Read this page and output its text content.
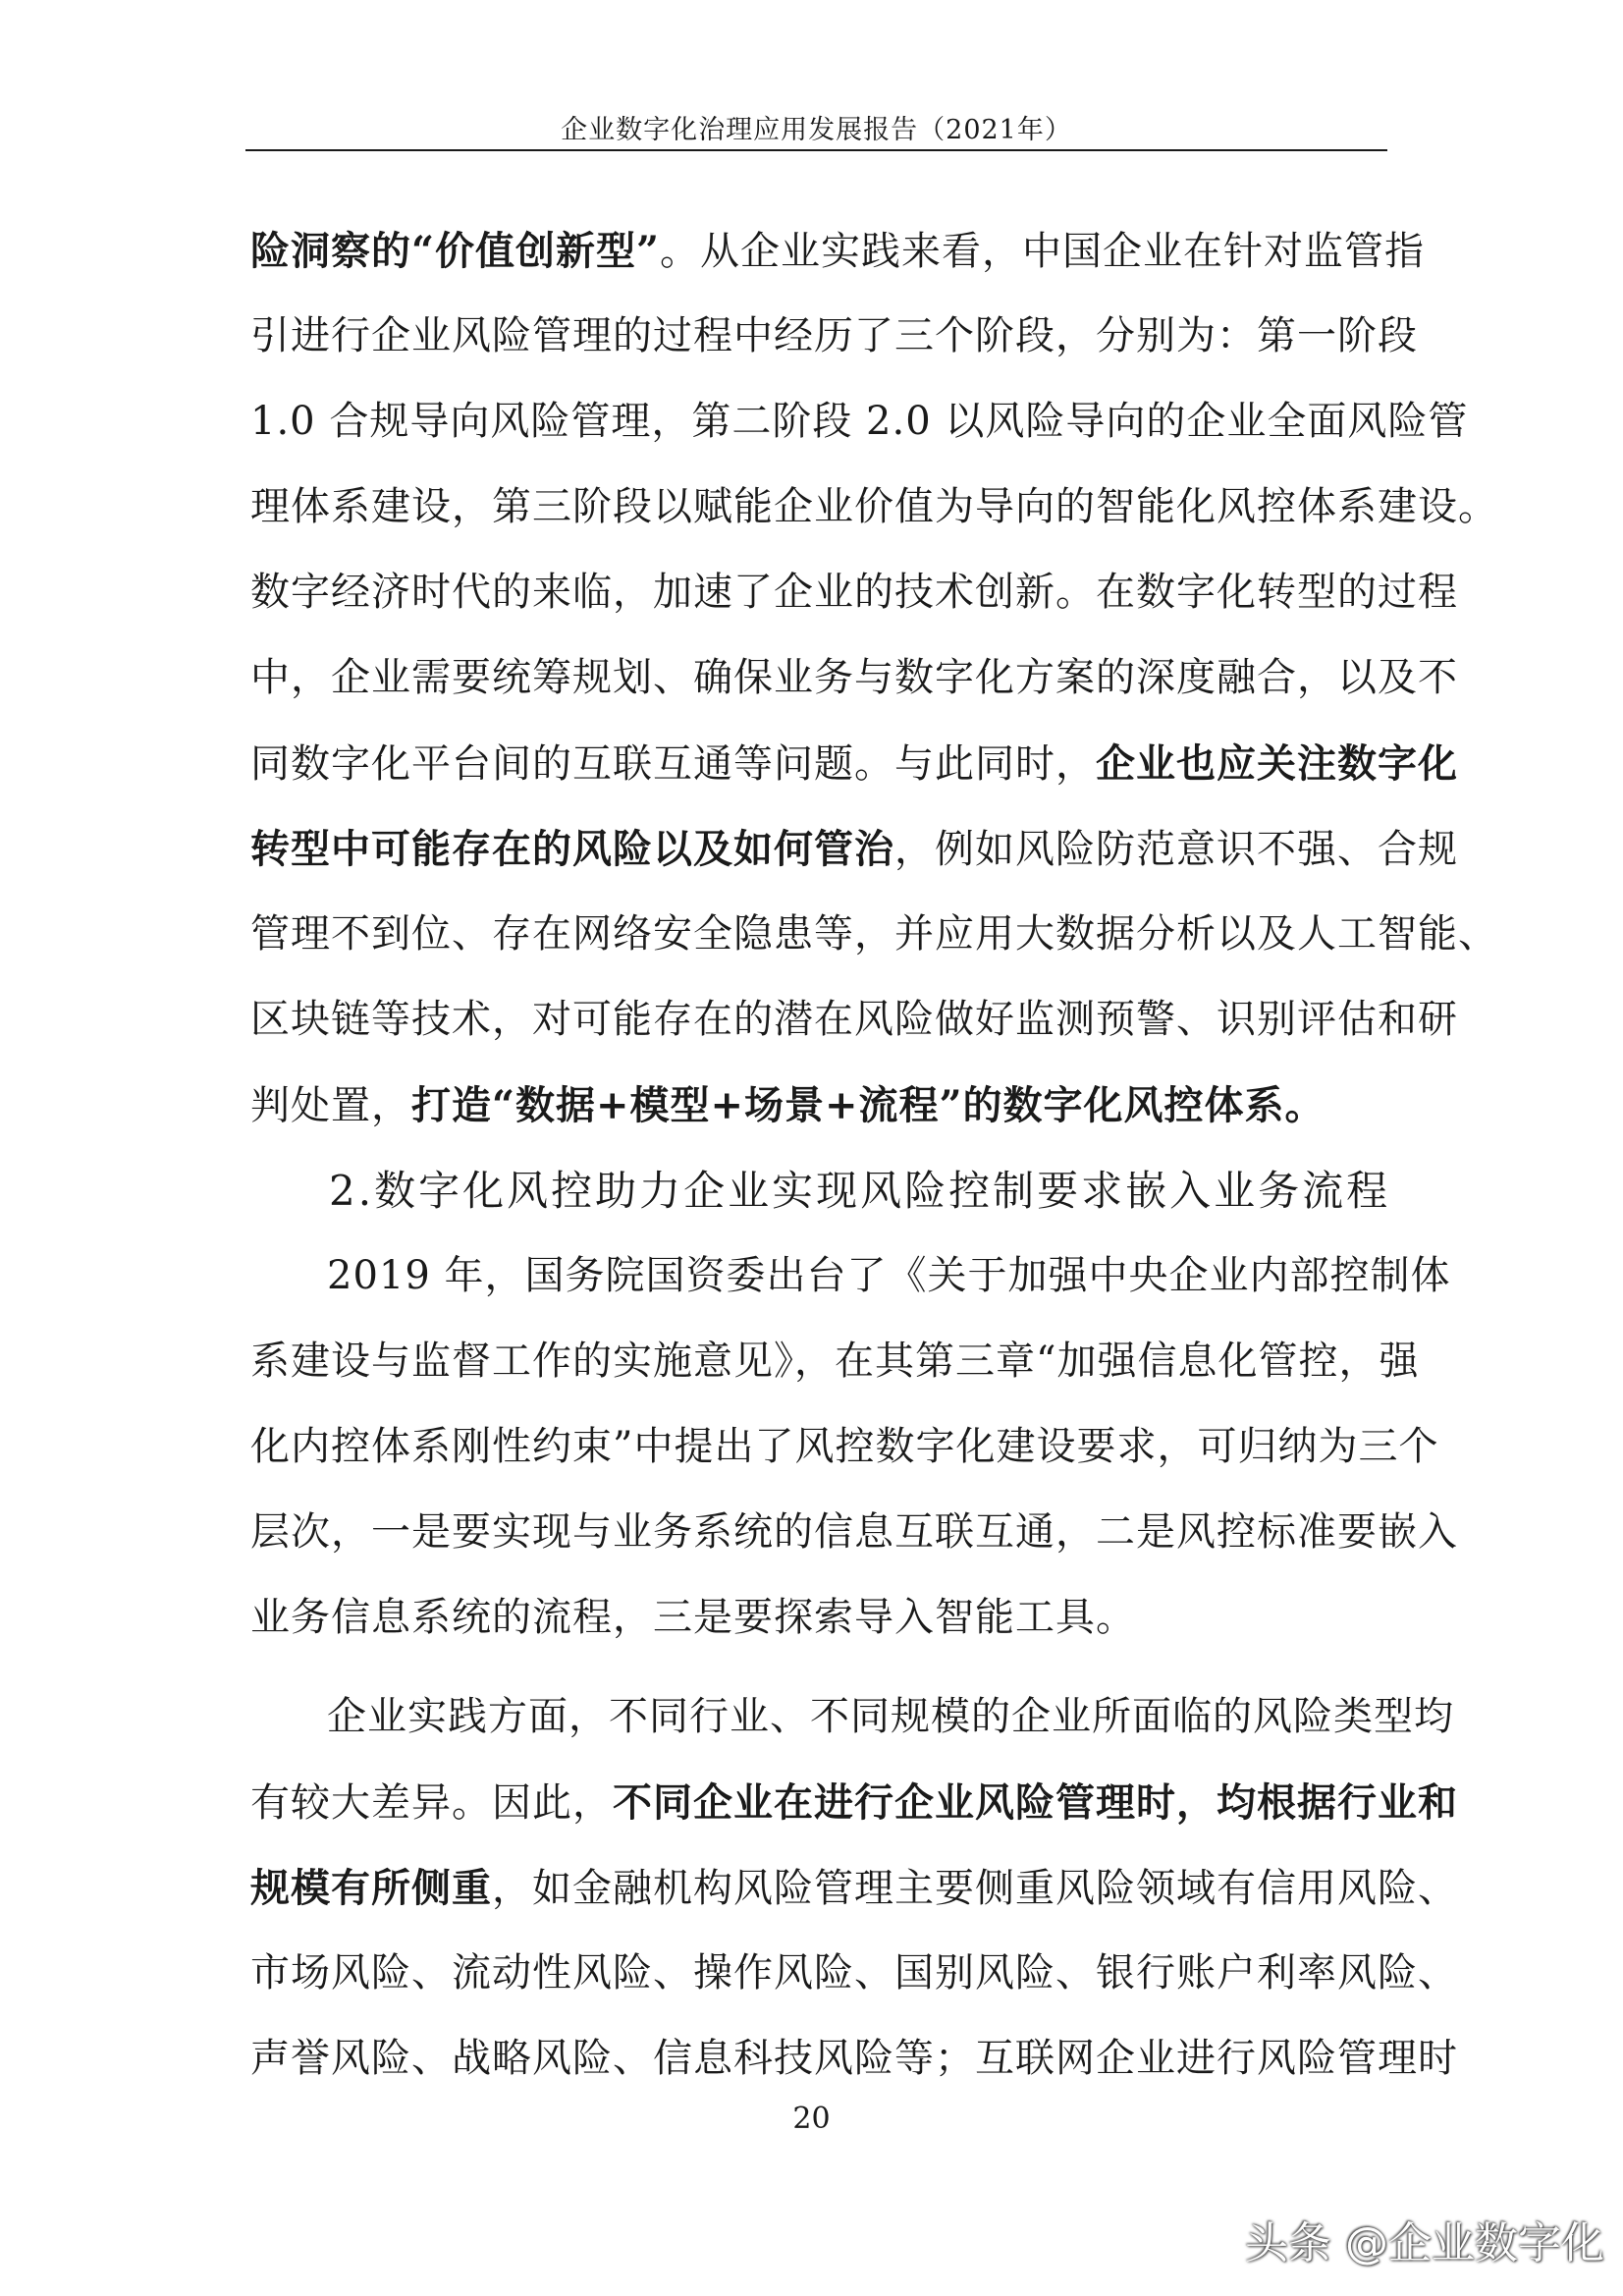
企业数字化治理应用发展报告（2021年）
险洞察的“价值创新型”。从企业实践来看，中国企业在针对监管指
引进行企业风险管理的过程中经历了三个阶段，分别为：第一阶段
1.0 合规导向风险管理，第二阶段 2.0 以风险导向的企业全面风险管
理体系建设，第三阶段以赋能企业价值为导向的智能化风控体系建设。
数字经济时代的来临，加速了企业的技术创新。在数字化转型的过程
中，企业需要统筹规划、确保业务与数字化方案的深度融合，以及不
同数字化平台间的互联互通等问题。与此同时，企业也应关注数字化
转型中可能存在的风险以及如何管治，例如风险防范意识不强、合规
管理不到位、存在网络安全隐患等，并应用大数据分析以及人工智能、
区块链等技术，对可能存在的潜在风险做好监测预警、识别评估和研
判处置，打造“数据+模型+场景+流程”的数字化风控体系。
2.数字化风控助力企业实现风险控制要求嵌入业务流程
2019 年，国务院国资委出台了《关于加强中央企业内部控制体
系建设与监督工作的实施意见》，在其第三章“加强信息化管控，强
化内控体系刚性约束”中提出了风控数字化建设要求，可归纳为三个
层次，一是要实现与业务系统的信息互联互通，二是风控标准要嵌入
业务信息系统的流程，三是要探索导入智能工具。
企业实践方面，不同行业、不同规模的企业所面临的风险类型均
有较大差异。因此，不同企业在进行企业风险管理时，均根据行业和
规模有所侧重，如金融机构风险管理主要侧重风险领域有信用风险、
市场风险、流动性风险、操作风险、国别风险、银行账户利率风险、
声誉风险、战略风险、信息科技风险等；互联网企业进行风险管理时
20
头条 @企业数字化
